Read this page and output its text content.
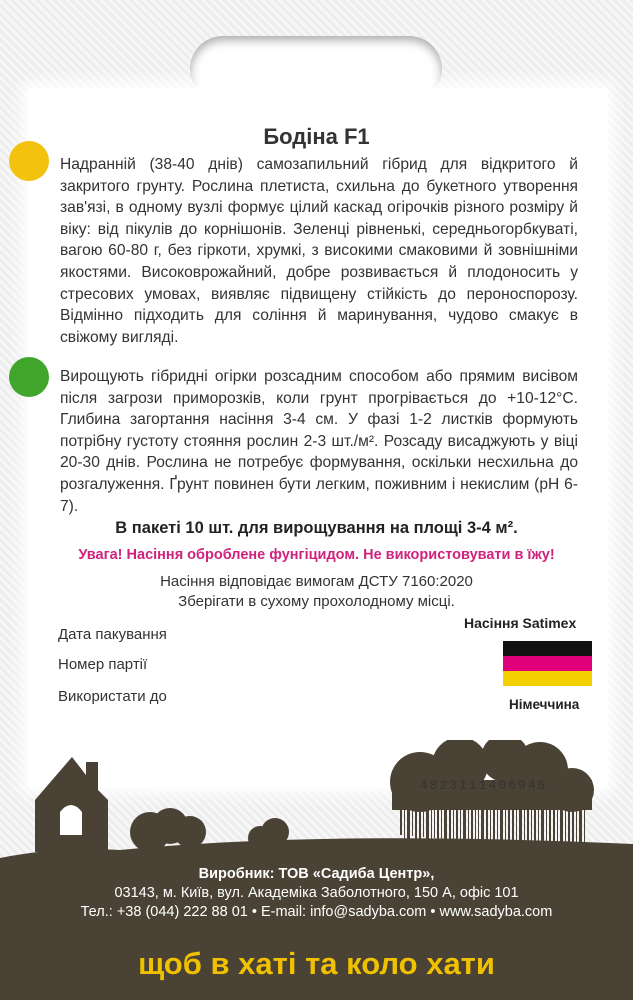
Бодіна F1
Надранній (38-40 днів) самозапильний гібрид для відкритого й закритого грунту. Рослина плетиста, схильна до букетного утворення зав'язі, в одному вузлі формує цілий каскад огірочків різного розміру й віку: від пікулів до корнішонів. Зеленці рівненькі, середньогорбкуваті, вагою 60-80 г, без гіркоти, хрумкі, з високими смаковими й зовнішніми якостями. Високоврожайний, добре розвивається й плодоносить у стресових умовах, виявляє підвищену стійкість до пероноспорозу. Відмінно підходить для соління й маринування, чудово смакує в свіжому вигляді.
Вирощують гібридні огірки розсадним способом або прямим висівом після загрози приморозків, коли грунт прогрівається до +10-12°С. Глибина загортання насіння 3-4 см. У фазі 1-2 листків формують потрібну густоту стояння рослин 2-3 шт./м². Розсаду висаджують у віці 20-30 днів. Рослина не потребує формування, оскільки несхильна до розгалуження. Ґрунт повинен бути легким, поживним і некислим (рН 6-7).
В пакеті 10 шт. для вирощування на площі 3-4 м².
Увага! Насіння оброблене фунгіцидом. Не використовувати в їжу!
Насіння відповідає вимогам ДСТУ 7160:2020
Зберігати в сухому прохолодному місці.
Дата пакування
Номер партії
Використати до
Насіння Satimex
Німеччина
4823111406945
Виробник: ТОВ «Садиба Центр»,
03143, м. Київ, вул. Академіка Заболотного, 150 А, офіс 101
Тел.: +38 (044) 222 88 01 • E-mail: info@sadyba.com • www.sadyba.com
щоб в хаті та коло хати
